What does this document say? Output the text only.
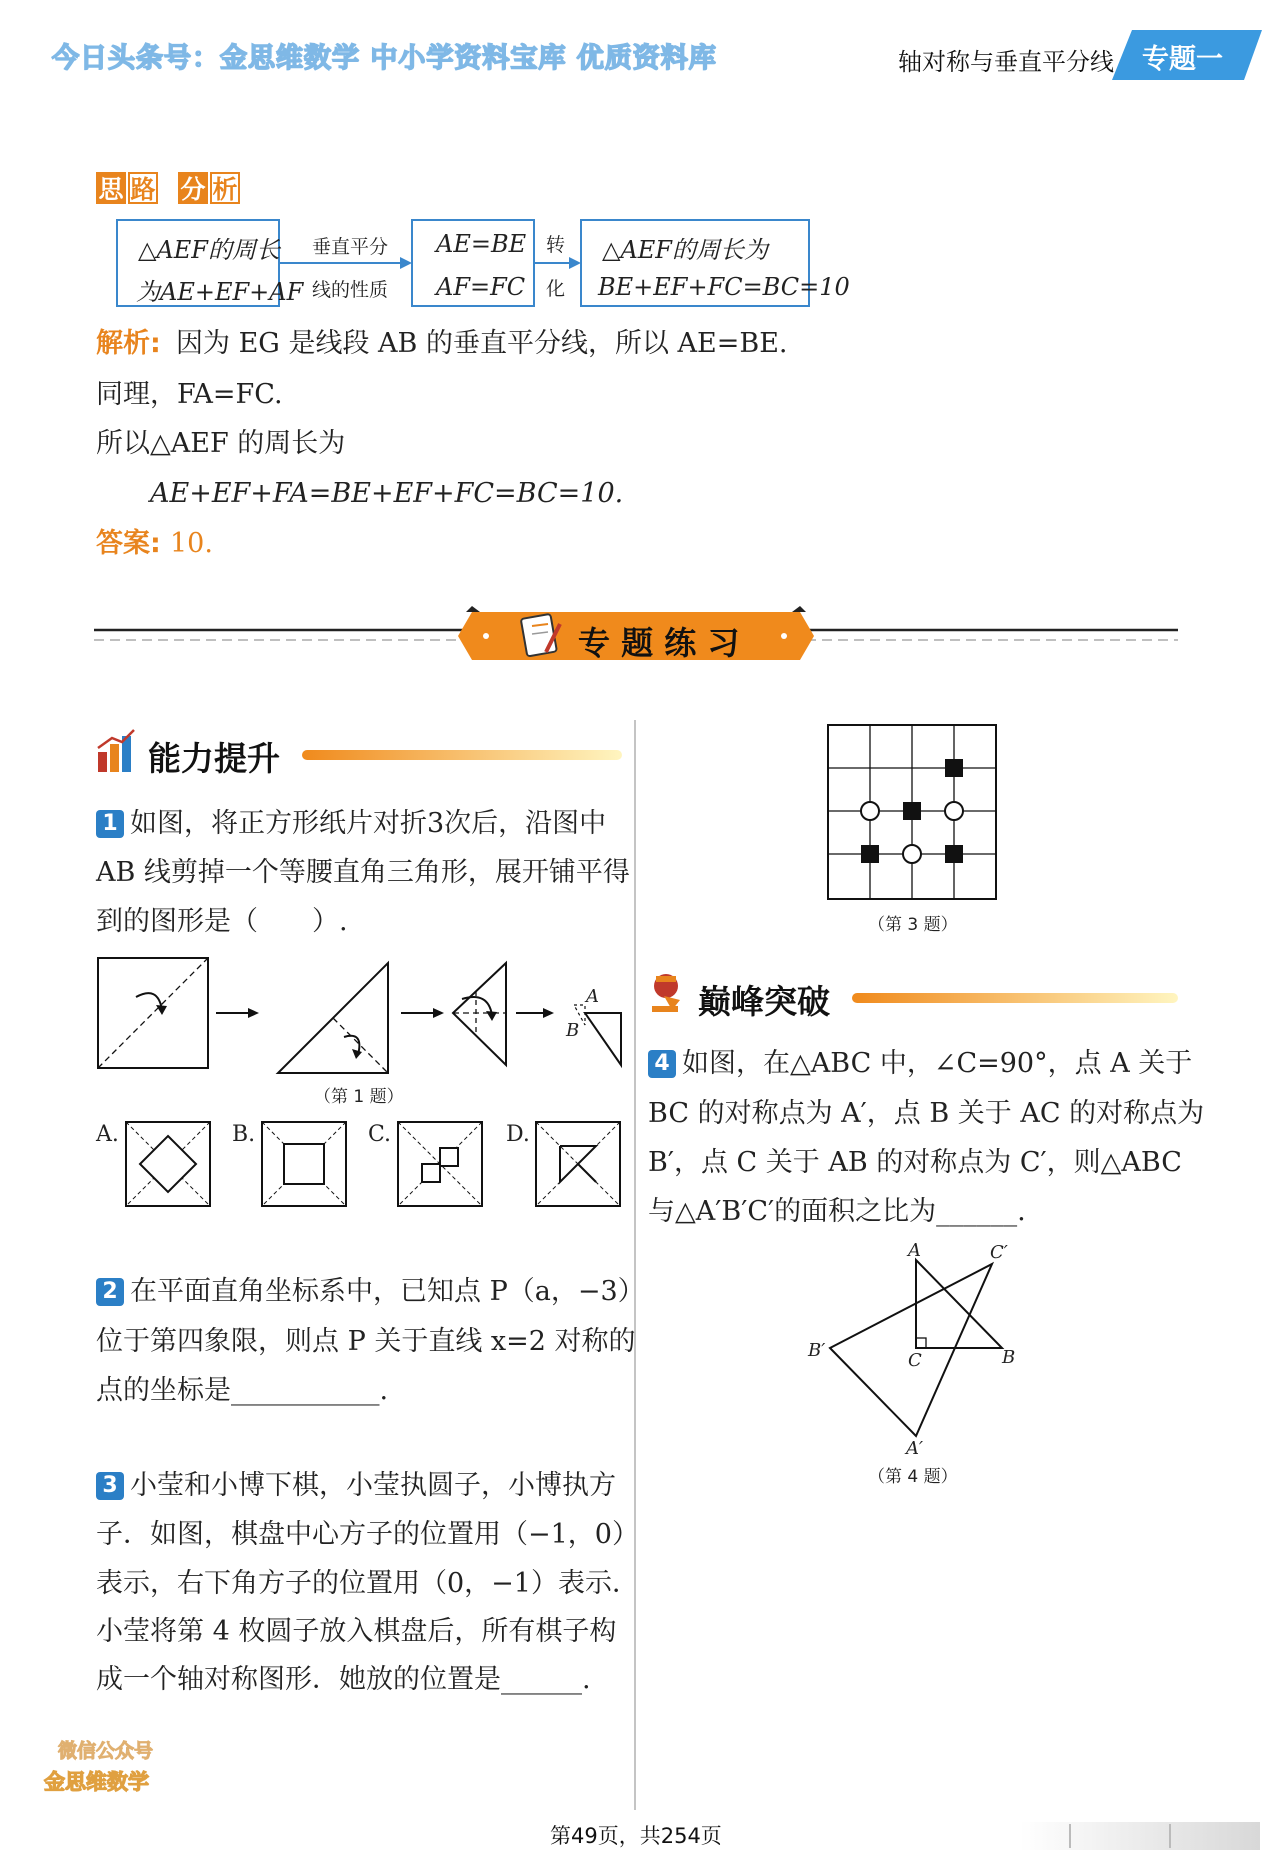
今日头条号：金思维数学 中小学资料宝库 优质资料库	轴对称与垂直平分线 专题一
思 路 分 析
△AEF的周长
为AE+EF+AF
垂直平分
线的性质
AE=BE
AF=FC
转
化
△AEF的周长为
BE+EF+FC=BC=10
解析: 因为 EG 是线段 AB 的垂直平分线，所以 AE=BE.
同理，FA=FC.
所以△AEF 的周长为
AE+EF+FA=BE+EF+FC=BC=10.
答案: 10.
专 题 练 习
能力提升
1 如图，将正方形纸片对折3次后，沿图中
AB 线剪掉一个等腰直角三角形，展开铺平得
到的图形是（　　）.
A
B
（第 1 题）
A.	B.	C.	D.
2 在平面直角坐标系中，已知点 P（a，−3）
位于第四象限，则点 P 关于直线 x=2 对称的
点的坐标是___________.
3 小莹和小博下棋，小莹执圆子，小博执方
子．如图，棋盘中心方子的位置用（−1，0）
表示，右下角方子的位置用（0，−1）表示．
小莹将第 4 枚圆子放入棋盘后，所有棋子构
成一个轴对称图形．她放的位置是______.
（第 3 题）
巅峰突破
4 如图，在△ABC 中，∠C=90°，点 A 关于
BC 的对称点为 A′，点 B 关于 AC 的对称点为
B′，点 C 关于 AB 的对称点为 C′，则△ABC
与△A′B′C′的面积之比为______.
A	C′
B′	C	B
A′
（第 4 题）
微信公众号
金思维数学
第49页，共254页
